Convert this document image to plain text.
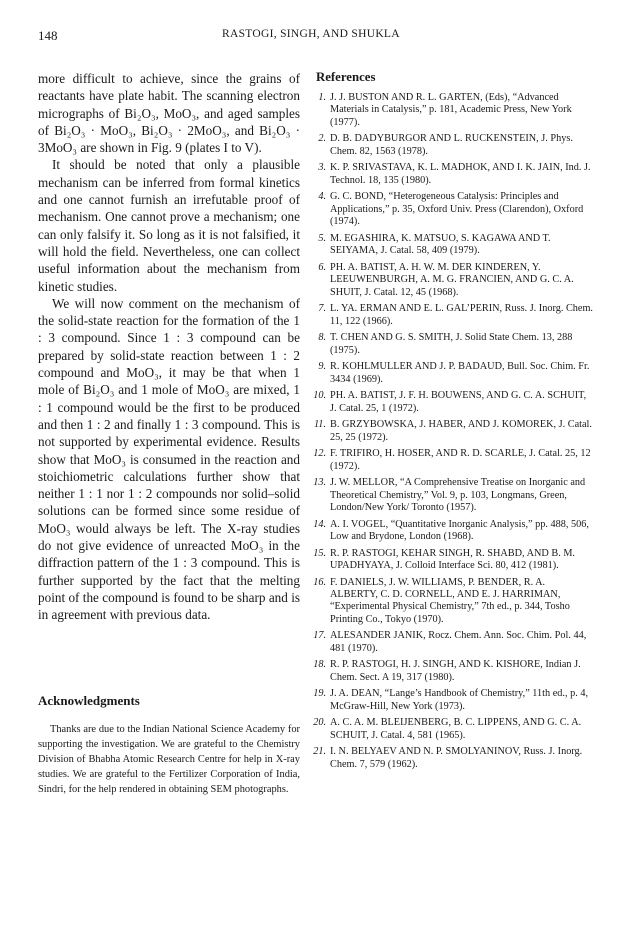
148	RASTOGI, SINGH, AND SHUKLA

more difficult to achieve, since the grains of reactants have plate habit. The scanning electron micrographs of Bi₂O₃, MoO₃, and aged samples of Bi₂O₃ · MoO₃, Bi₂O₃ · 2MoO₃, and Bi₂O₃ · 3MoO₃ are shown in Fig. 9 (plates I to V).

It should be noted that only a plausible mechanism can be inferred from formal kinetics and one cannot furnish an irrefutable proof of mechanism. One cannot prove a mechanism; one can only falsify it. So long as it is not falsified, it will hold the field. Nevertheless, one can collect useful information about the mechanism from kinetic studies.

We will now comment on the mechanism of the solid-state reaction for the formation of the 1 : 3 compound. Since 1 : 3 compound can be prepared by solid-state reaction between 1 : 2 compound and MoO₃, it may be that when 1 mole of Bi₂O₃ and 1 mole of MoO₃ are mixed, 1 : 1 compound would be the first to be produced and then 1 : 2 and finally 1 : 3 compound. This is not supported by experimental evidence. Results show that MoO₃ is consumed in the reaction and stoichiometric calculations further show that neither 1 : 1 nor 1 : 2 compounds nor solid–solid solutions can be formed since some residue of MoO₃ would always be left. The X-ray studies do not give evidence of unreacted MoO₃ in the diffraction pattern of the 1 : 3 compound. This is further supported by the fact that the melting point of the compound is found to be sharp and is in agreement with previous data.

Acknowledgments

Thanks are due to the Indian National Science Academy for supporting the investigation. We are grateful to the Chemistry Division of Bhabha Atomic Research Centre for help in X-ray studies. We are grateful to the Fertilizer Corporation of India, Sindri, for the help rendered in obtaining SEM photographs.

References
1. J. J. BUSTON AND R. L. GARTEN, (Eds), “Advanced Materials in Catalysis,” p. 181, Academic Press, New York (1977).
2. D. B. DADYBURGOR AND L. RUCKENSTEIN, J. Phys. Chem. 82, 1563 (1978).
3. K. P. SRIVASTAVA, K. L. MADHOK, AND I. K. JAIN, Ind. J. Technol. 18, 135 (1980).
4. G. C. BOND, “Heterogeneous Catalysis: Principles and Applications,” p. 35, Oxford Univ. Press (Clarendon), Oxford (1974).
5. M. EGASHIRA, K. MATSUO, S. KAGAWA AND T. SEIYAMA, J. Catal. 58, 409 (1979).
6. PH. A. BATIST, A. H. W. M. DER KINDEREN, Y. LEEUWENBURGH, A. M. G. FRANCIEN, AND G. C. A. SHUIT, J. Catal. 12, 45 (1968).
7. L. YA. ERMAN AND E. L. GAL’PERIN, Russ. J. Inorg. Chem. 11, 122 (1966).
8. T. CHEN AND G. S. SMITH, J. Solid State Chem. 13, 288 (1975).
9. R. KOHLMULLER AND J. P. BADAUD, Bull. Soc. Chim. Fr. 3434 (1969).
10. PH. A. BATIST, J. F. H. BOUWENS, AND G. C. A. SCHUIT, J. Catal. 25, 1 (1972).
11. B. GRZYBOWSKA, J. HABER, AND J. KOMOREK, J. Catal. 25, 25 (1972).
12. F. TRIFIRO, H. HOSER, AND R. D. SCARLE, J. Catal. 25, 12 (1972).
13. J. W. MELLOR, “A Comprehensive Treatise on Inorganic and Theoretical Chemistry,” Vol. 9, p. 103, Longmans, Green, London/New York/ Toronto (1957).
14. A. I. VOGEL, “Quantitative Inorganic Analysis,” pp. 488, 506, Low and Brydone, London (1968).
15. R. P. RASTOGI, KEHAR SINGH, R. SHABD, AND B. M. UPADHYAYA, J. Colloid Interface Sci. 80, 412 (1981).
16. F. DANIELS, J. W. WILLIAMS, P. BENDER, R. A. ALBERTY, C. D. CORNELL, AND E. J. HARRIMAN, “Experimental Physical Chemistry,” 7th ed., p. 344, Tosho Printing Co., Tokyo (1970).
17. ALESANDER JANIK, Rocz. Chem. Ann. Soc. Chim. Pol. 44, 481 (1970).
18. R. P. RASTOGI, H. J. SINGH, AND K. KISHORE, Indian J. Chem. Sect. A 19, 317 (1980).
19. J. A. DEAN, “Lange’s Handbook of Chemistry,” 11th ed., p. 4, McGraw-Hill, New York (1973).
20. A. C. A. M. BLEIJENBERG, B. C. LIPPENS, AND G. C. A. SCHUIT, J. Catal. 4, 581 (1965).
21. I. N. BELYAEV AND N. P. SMOLYANINOV, Russ. J. Inorg. Chem. 7, 579 (1962).
